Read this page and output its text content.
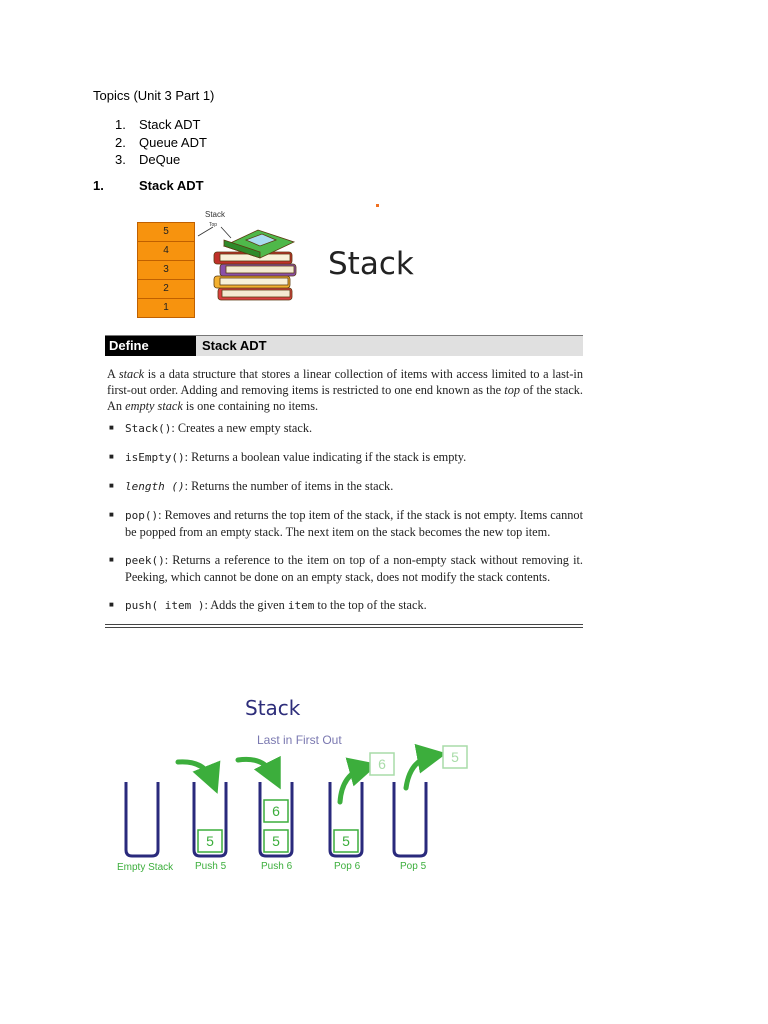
Topics (Unit 3 Part 1)
1.	Stack ADT
2.	Queue ADT
3.	DeQue
1.	Stack ADT
5
4
3
2
1
Stack
Top
Stack
Define	Stack ADT
A stack is a data structure that stores a linear collection of items with access limited to a last-in first-out order. Adding and removing items is restricted to one end known as the top of the stack. An empty stack is one containing no items.
■	Stack(): Creates a new empty stack.
■	isEmpty(): Returns a boolean value indicating if the stack is empty.
■	length (): Returns the number of items in the stack.
■	pop(): Removes and returns the top item of the stack, if the stack is not empty. Items cannot be popped from an empty stack. The next item on the stack becomes the new top item.
■	peek(): Returns a reference to the item on top of a non-empty stack without removing it. Peeking, which cannot be done on an empty stack, does not modify the stack contents.
■	push( item ): Adds the given item to the top of the stack.
Stack
Last in First Out
5	5
6
5
6	5
Empty Stack Push 5	Push 6	Pop 6	Pop 5
